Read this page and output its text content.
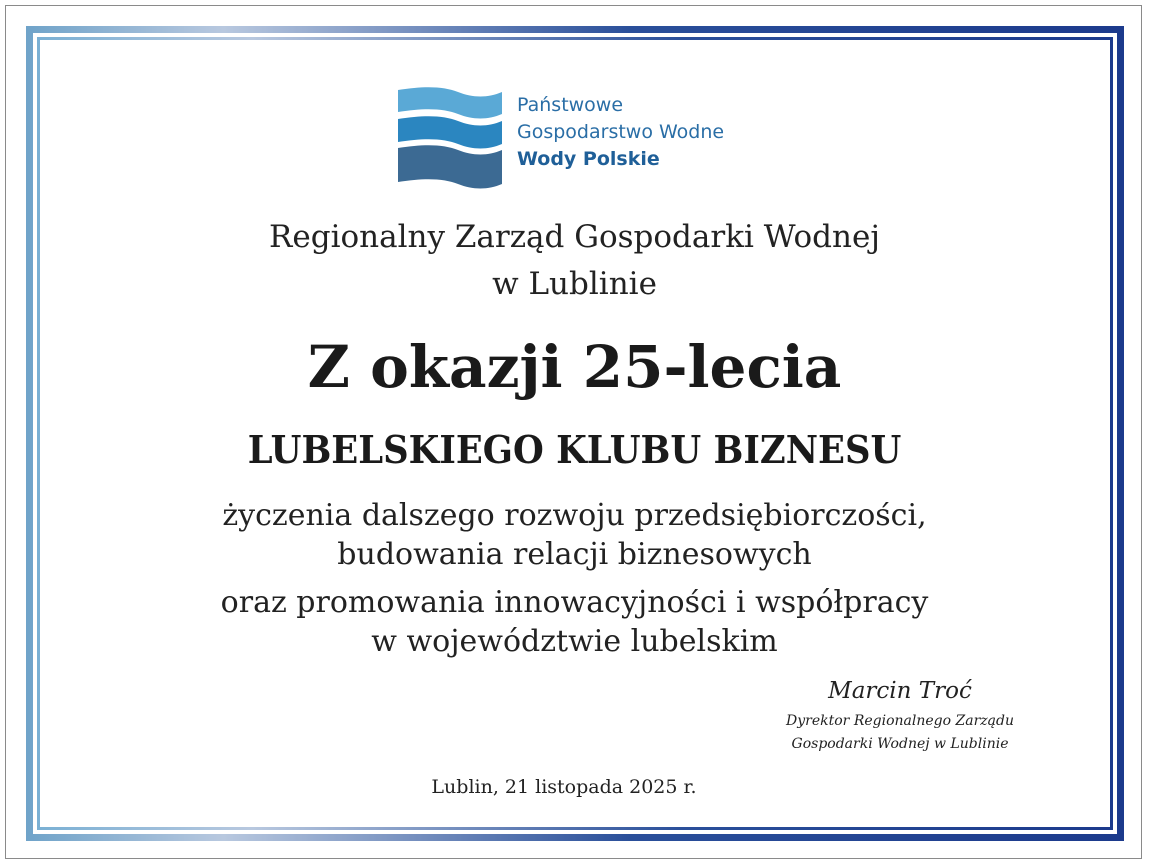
Państwowe
Gospodarstwo Wodne
Wody Polskie
Regionalny Zarząd Gospodarki Wodnej
w Lublinie
Z okazji 25-lecia
LUBELSKIEGO KLUBU BIZNESU
życzenia dalszego rozwoju przedsiębiorczości,
budowania relacji biznesowych
oraz promowania innowacyjności i współpracy
w województwie lubelskim
Marcin Troć
Dyrektor Regionalnego Zarządu
Gospodarki Wodnej w Lublinie
Lublin, 21 listopada 2025 r.
